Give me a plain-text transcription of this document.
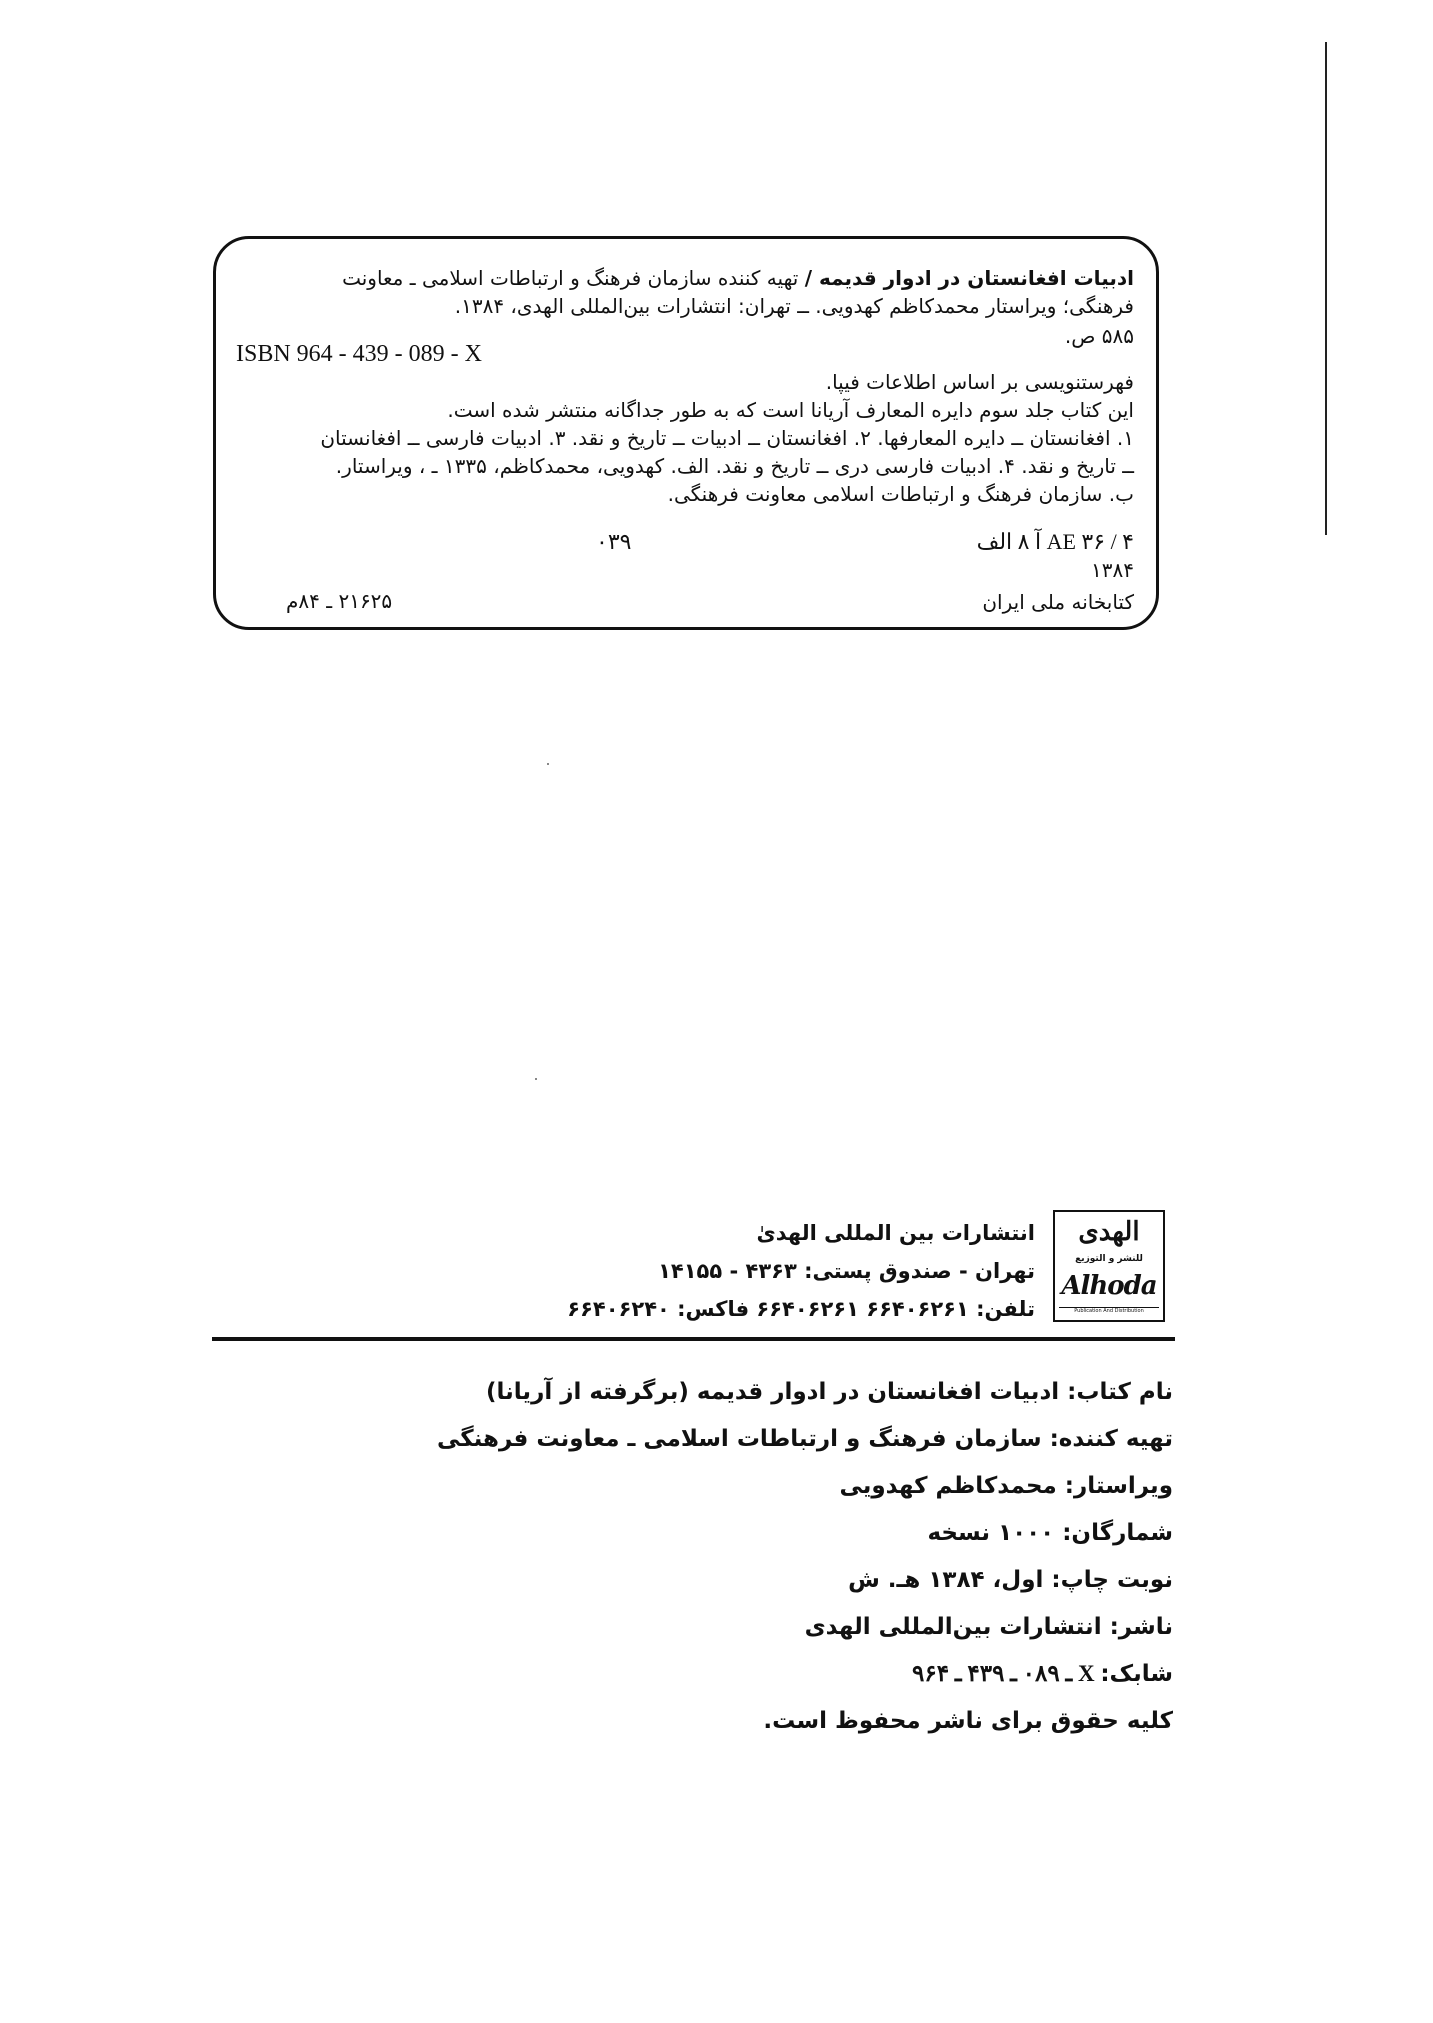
ادبیات افغانستان در ادوار قدیمه / تهیه کننده سازمان فرهنگ و ارتباطات اسلامی ـ معاونت
فرهنگی؛ ویراستار محمدکاظم کهدویی. ــ تهران: انتشارات بین‌المللی الهدی، ۱۳۸۴.
۵۸۵ ص.
ISBN 964 - 439 - 089 - X
فهرستنویسی بر اساس اطلاعات فیپا.
این کتاب جلد سوم دایره المعارف آریانا است که به طور جداگانه منتشر شده است.
۱. افغانستان ــ دایره المعارفها. ۲. افغانستان ــ ادبیات ــ تاریخ و نقد. ۳. ادبیات فارسی ــ افغانستان
ــ تاریخ و نقد. ۴. ادبیات فارسی دری ــ تاریخ و نقد. الف. کهدویی، محمدکاظم، ۱۳۳۵ ـ ، ویراستار.
ب. سازمان فرهنگ و ارتباطات اسلامی معاونت فرهنگی.
AE ۳۶ / ۴ آ ۸ الف
۰۳۹
۱۳۸۴
کتابخانه ملی ایران
۲۱۶۲۵ ـ ۸۴م
الهدی
للنشر و التوزيع
Alhoda
Publication And Distribution
انتشارات بین المللی الهدیٰ
تهران - صندوق پستی: ۴۳۶۳ - ۱۴۱۵۵
تلفن: ۶۶۴۰۶۲۶۱ ۶۶۴۰۶۲۶۱ فاکس: ۶۶۴۰۶۲۴۰
نام کتاب: ادبیات افغانستان در ادوار قدیمه (برگرفته از آریانا)
تهیه کننده: سازمان فرهنگ و ارتباطات اسلامی ـ معاونت فرهنگی
ویراستار: محمدکاظم کهدویی
شمارگان: ۱۰۰۰ نسخه
نوبت چاپ: اول، ۱۳۸۴ هـ. ش
ناشر: انتشارات بین‌المللی الهدی
شابک: X ـ ۰۸۹ ـ ۴۳۹ ـ ۹۶۴
کلیه حقوق برای ناشر محفوظ است.
